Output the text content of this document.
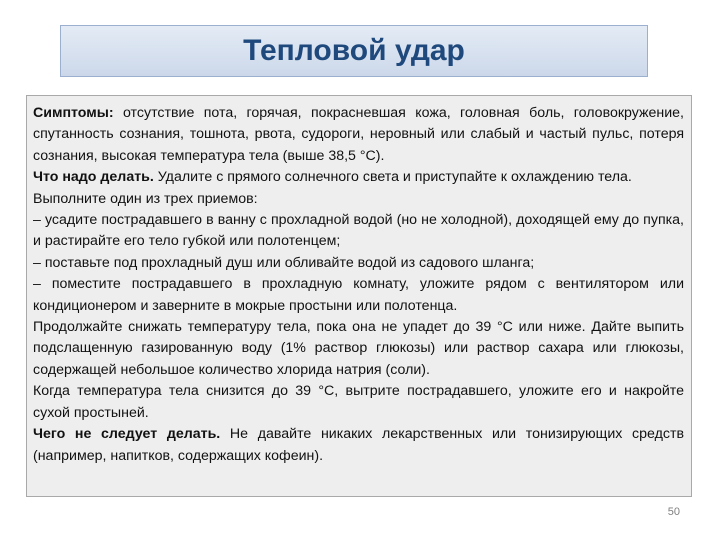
Тепловой удар

Симптомы: отсутствие пота, горячая, покрасневшая кожа, головная боль, головокружение, спутанность сознания, тошнота, рвота, судороги, неровный или слабый и частый пульс, потеря сознания, высокая температура тела (выше 38,5 °С).

Что надо делать. Удалите с прямого солнечного света и приступайте к охлаждению тела.

Выполните один из трех приемов:

– усадите пострадавшего в ванну с прохладной водой (но не холодной), доходящей ему до пупка, и растирайте его тело губкой или полотенцем;

– поставьте под прохладный душ или обливайте водой из садового шланга;

– поместите пострадавшего в прохладную комнату, уложите рядом с вентилятором или кондиционером и заверните в мокрые простыни или полотенца.

Продолжайте снижать температуру тела, пока она не упадет до 39 °С или ниже. Дайте выпить подслащенную газированную воду (1% раствор глюкозы) или раствор сахара или глюкозы, содержащей небольшое количество хлорида натрия (соли).

Когда температура тела снизится до 39 °С, вытрите пострадавшего, уложите его и накройте сухой простыней.

Чего не следует делать. Не давайте никаких лекарственных или тонизирующих средств (например, напитков, содержащих кофеин).

50
